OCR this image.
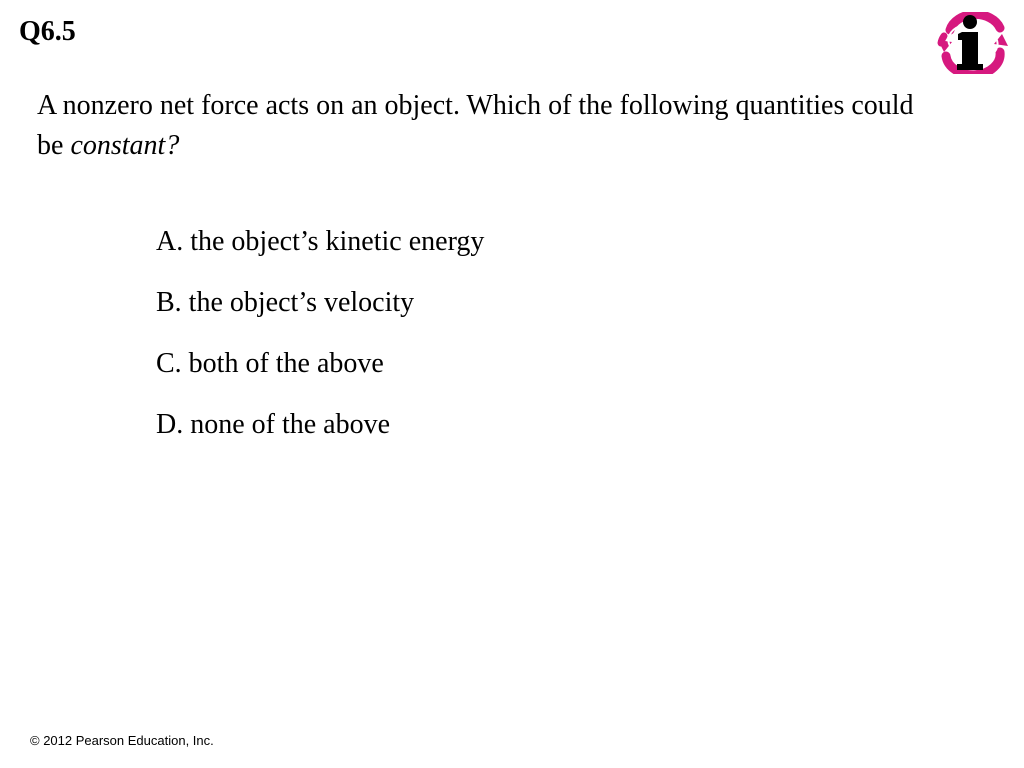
Q6.5

A nonzero net force acts on an object. Which of the following quantities could be constant?

A. the object’s kinetic energy
B. the object’s velocity
C. both of the above
D. none of the above

© 2012 Pearson Education, Inc.
